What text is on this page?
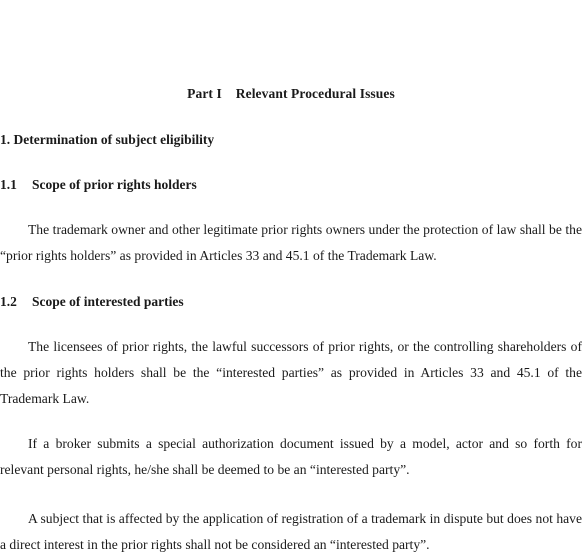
Part I    Relevant Procedural Issues
1. Determination of subject eligibility
1.1 Scope of prior rights holders

The trademark owner and other legitimate prior rights owners under the protection of law shall be the “prior rights holders” as provided in Articles 33 and 45.1 of the Trademark Law.

1.2 Scope of interested parties

The licensees of prior rights, the lawful successors of prior rights, or the controlling shareholders of the prior rights holders shall be the “interested parties” as provided in Articles 33 and 45.1 of the Trademark Law.

If a broker submits a special authorization document issued by a model, actor and so forth for relevant personal rights, he/she shall be deemed to be an “interested party”.

A subject that is affected by the application of registration of a trademark in dispute but does not have a direct interest in the prior rights shall not be considered an “interested party”.
